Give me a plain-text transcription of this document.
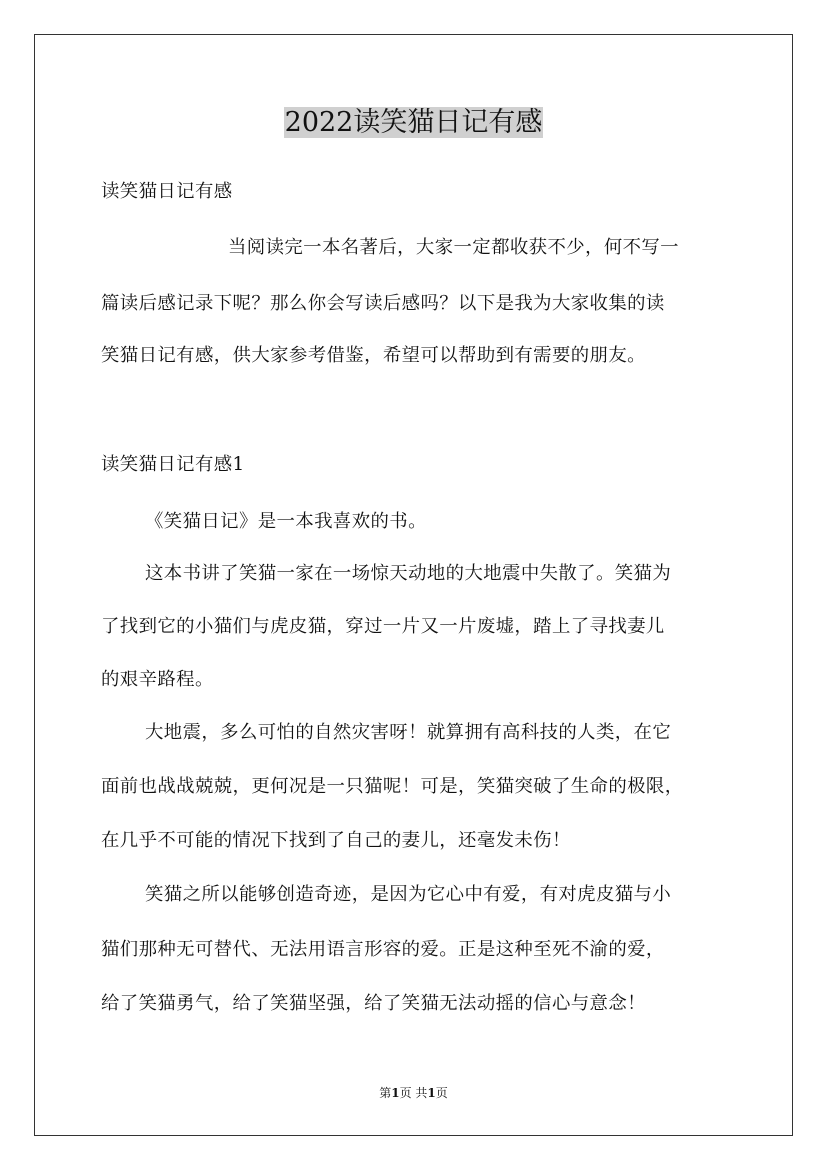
2022读笑猫日记有感
读笑猫日记有感
当阅读完一本名著后，大家一定都收获不少，何不写一
篇读后感记录下呢？那么你会写读后感吗？以下是我为大家收集的读
笑猫日记有感，供大家参考借鉴，希望可以帮助到有需要的朋友。
读笑猫日记有感1
《笑猫日记》是一本我喜欢的书。
这本书讲了笑猫一家在一场惊天动地的大地震中失散了。笑猫为
了找到它的小猫们与虎皮猫，穿过一片又一片废墟，踏上了寻找妻儿
的艰辛路程。
大地震，多么可怕的自然灾害呀！就算拥有高科技的人类，在它
面前也战战兢兢，更何况是一只猫呢！可是，笑猫突破了生命的极限，
在几乎不可能的情况下找到了自己的妻儿，还毫发未伤！
笑猫之所以能够创造奇迹，是因为它心中有爱，有对虎皮猫与小
猫们那种无可替代、无法用语言形容的爱。正是这种至死不渝的爱，
给了笑猫勇气，给了笑猫坚强，给了笑猫无法动摇的信心与意念！
第1页 共1页
